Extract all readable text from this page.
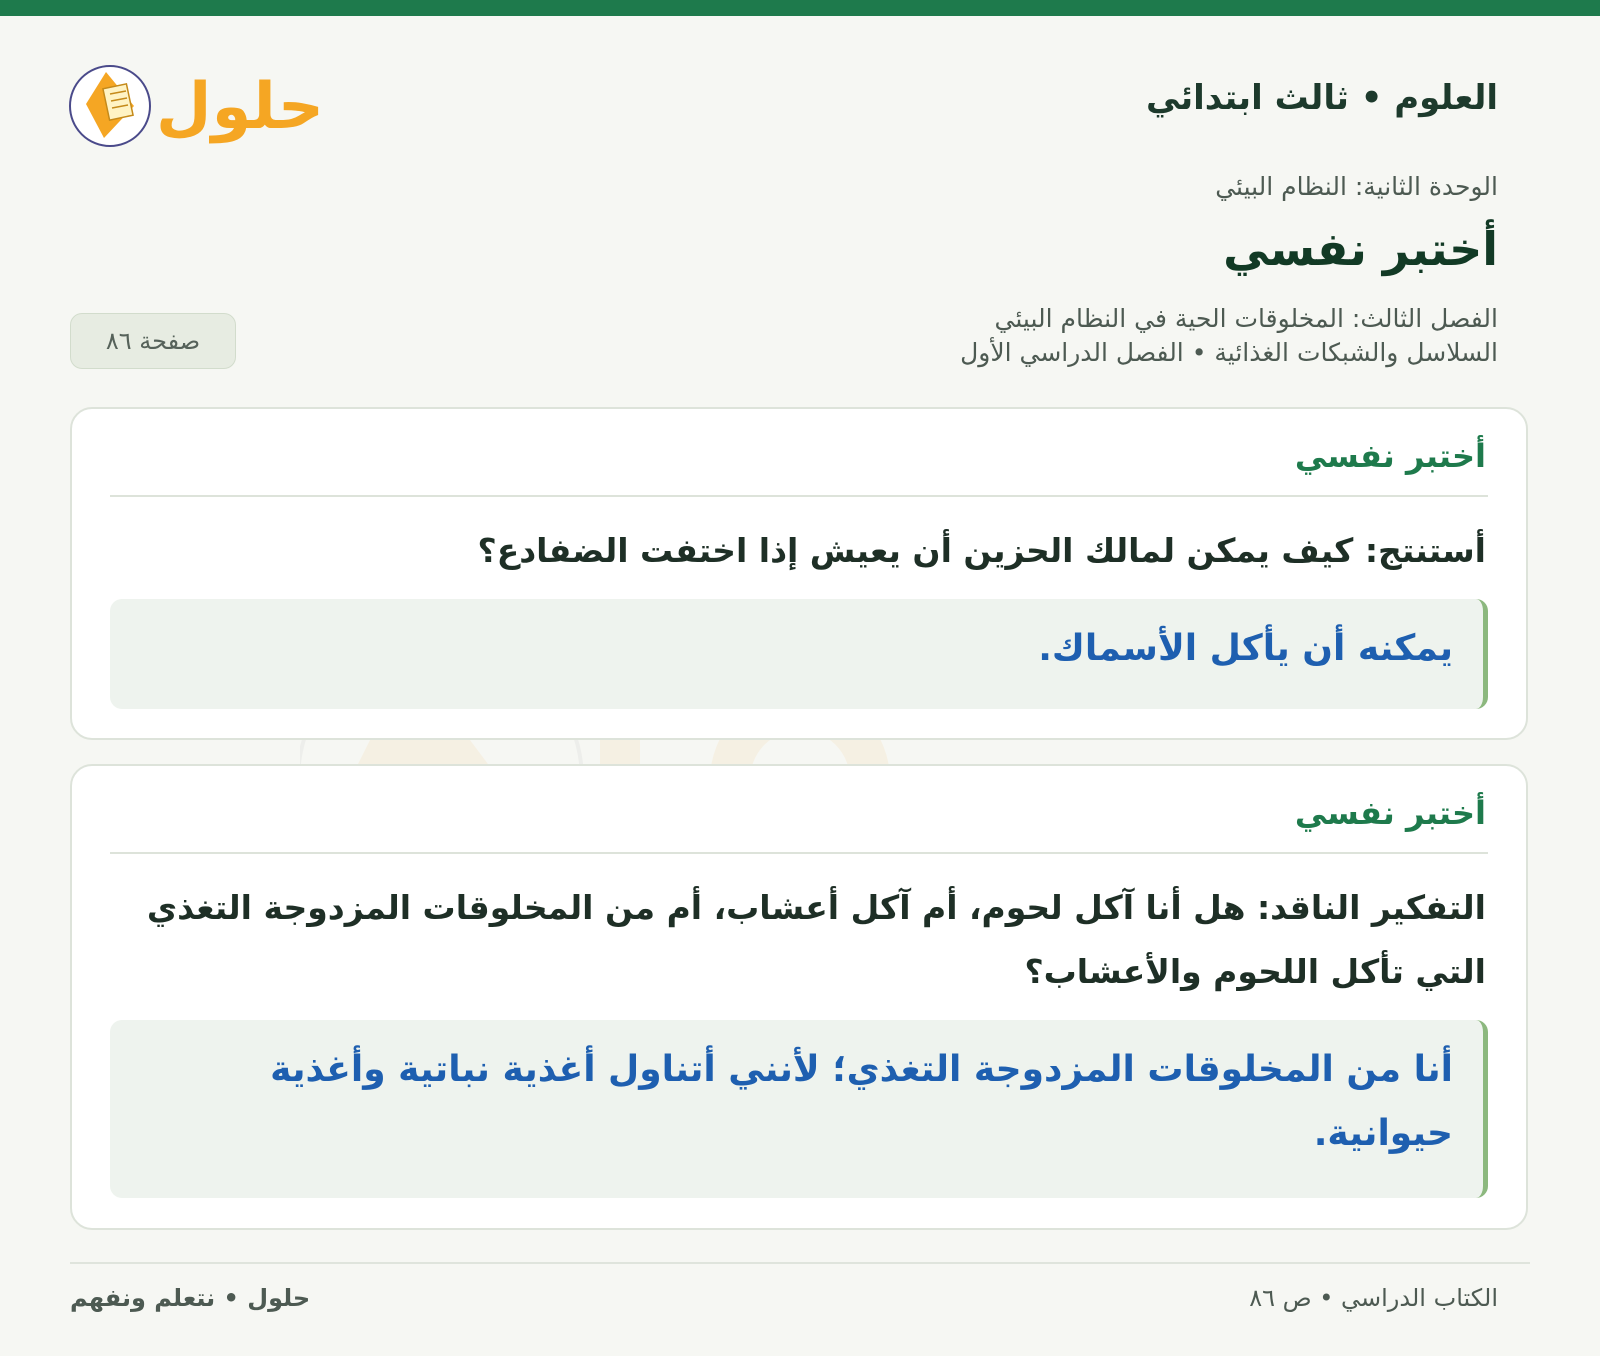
حلول	العلوم • ثالث ابتدائي
الوحدة الثانية: النظام البيئي
أختبر نفسي
الفصل الثالث: المخلوقات الحية في النظام البيئي
السلاسل والشبكات الغذائية • الفصل الدراسي الأول
صفحة ٨٦
أختبر نفسي
أستنتج: كيف يمكن لمالك الحزين أن يعيش إذا اختفت الضفادع؟
يمكنه أن يأكل الأسماك.
أختبر نفسي
التفكير الناقد: هل أنا آكل لحوم، أم آكل أعشاب، أم من المخلوقات المزدوجة التغذي التي تأكل اللحوم والأعشاب؟
أنا من المخلوقات المزدوجة التغذي؛ لأنني أتناول أغذية نباتية وأغذية حيوانية.
الكتاب الدراسي • ص ٨٦
حلول • نتعلم ونفهم
